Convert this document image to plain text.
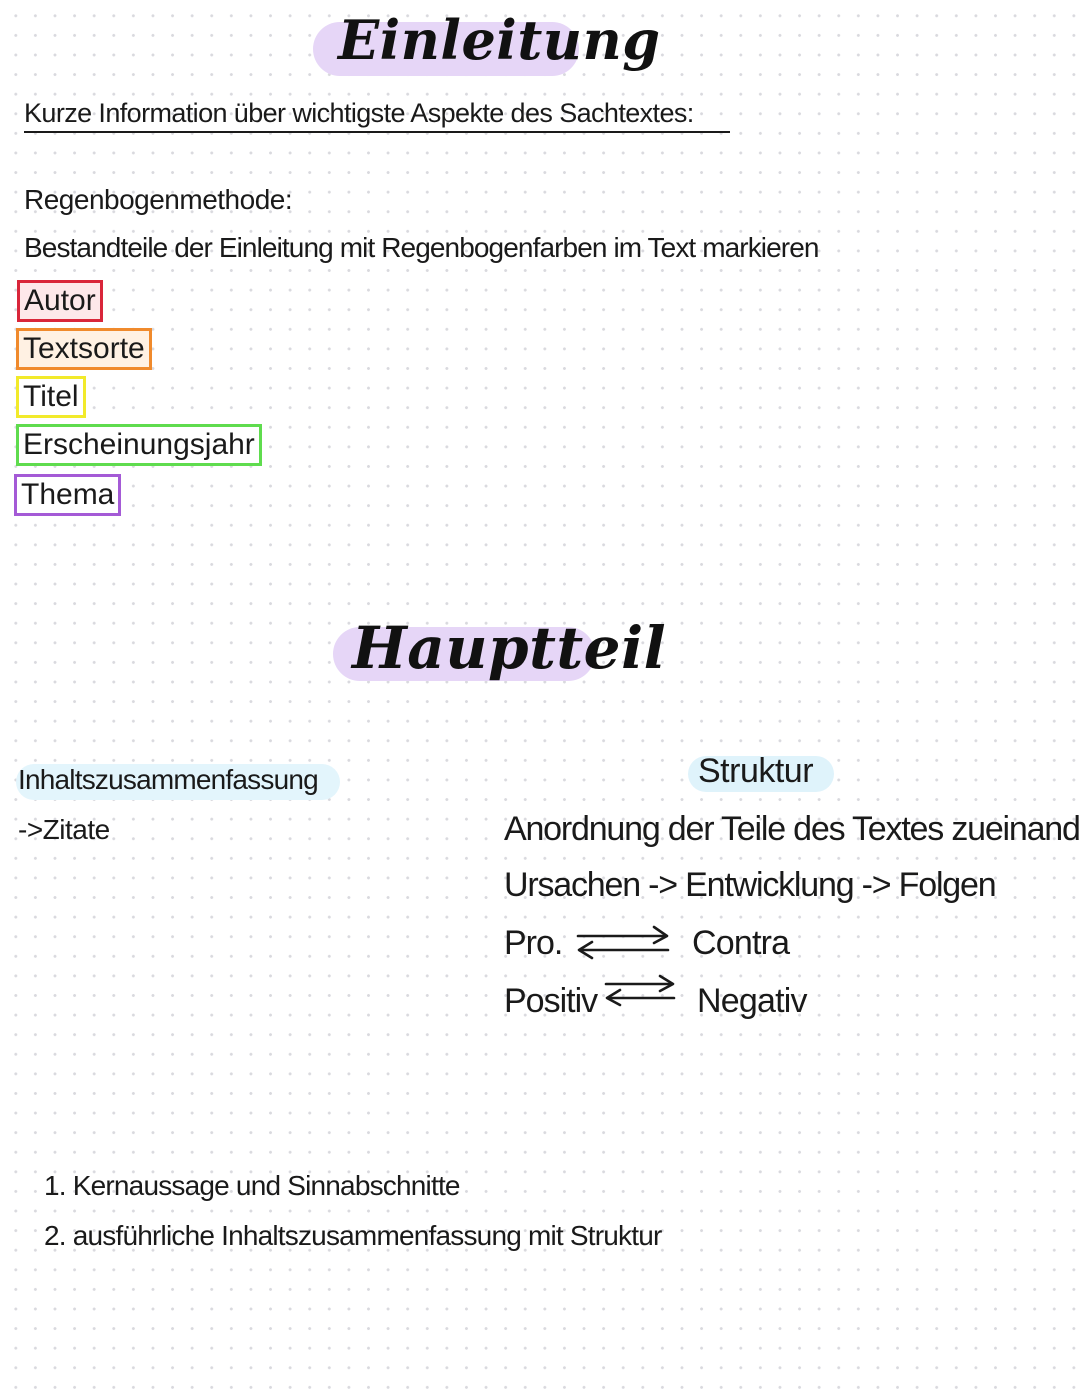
Einleitung
Kurze Information über wichtigste Aspekte des Sachtextes:
Regenbogenmethode:
Bestandteile der Einleitung mit Regenbogenfarben im Text markieren
Autor
Textsorte
Titel
Erscheinungsjahr
Thema
Hauptteil
Inhaltszusammenfassung
->Zitate
Struktur
Anordnung der Teile des Textes zueinand
Ursachen -> Entwicklung -> Folgen
Pro.	Contra
Positiv	Negativ
1. Kernaussage und Sinnabschnitte
2. ausführliche Inhaltszusammenfassung mit Struktur
